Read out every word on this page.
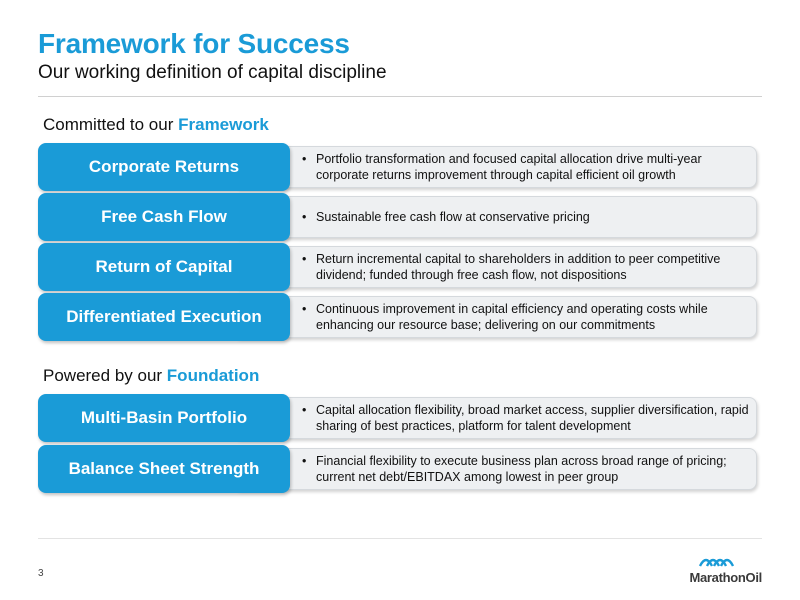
Framework for Success
Our working definition of capital discipline
Committed to our Framework
Corporate Returns	• Portfolio transformation and focused capital allocation drive multi-year corporate returns improvement through capital efficient oil growth
Free Cash Flow	• Sustainable free cash flow at conservative pricing
Return of Capital	• Return incremental capital to shareholders in addition to peer competitive dividend; funded through free cash flow, not dispositions
Differentiated Execution	• Continuous improvement in capital efficiency and operating costs while enhancing our resource base; delivering on our commitments
Powered by our Foundation
Multi-Basin Portfolio	• Capital allocation flexibility, broad market access, supplier diversification, rapid sharing of best practices, platform for talent development
Balance Sheet Strength	• Financial flexibility to execute business plan across broad range of pricing; current net debt/EBITDAX among lowest in peer group
3	MarathonOil
